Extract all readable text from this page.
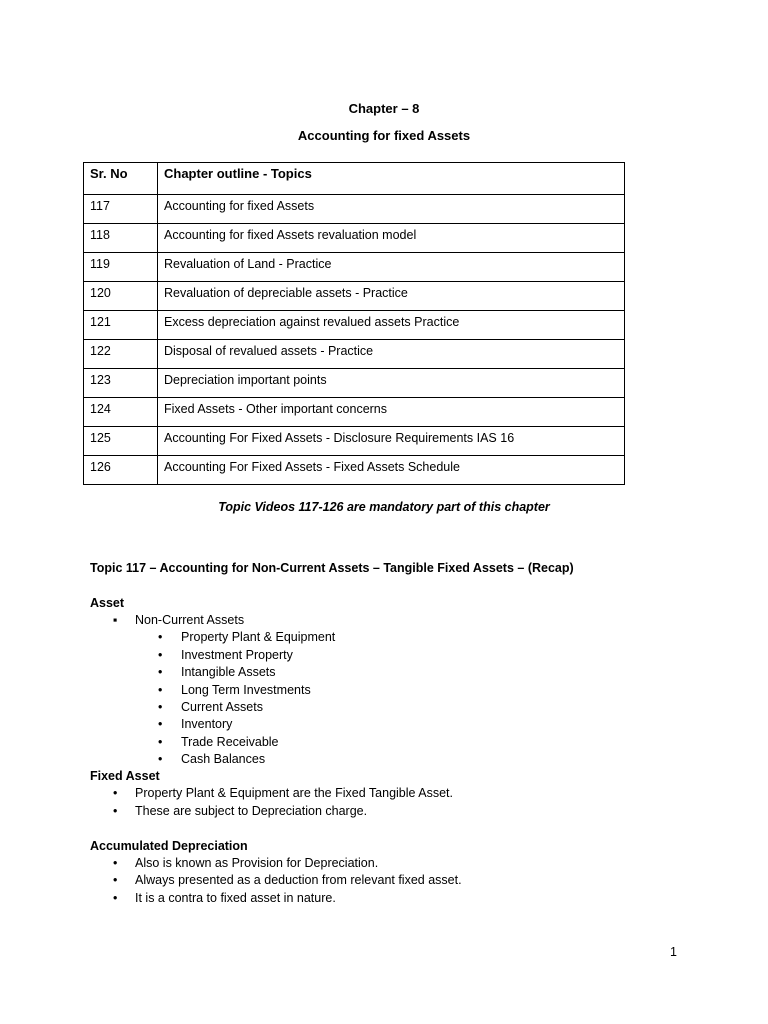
Chapter – 8
Accounting for fixed Assets
Sr. No	Chapter outline - Topics
117	Accounting for fixed Assets
118	Accounting for fixed Assets revaluation model
119	Revaluation of Land - Practice
120	Revaluation of depreciable assets - Practice
121	Excess depreciation against revalued assets Practice
122	Disposal of revalued assets - Practice
123	Depreciation important points
124	Fixed Assets - Other important concerns
125	Accounting For Fixed Assets - Disclosure Requirements IAS 16
126	Accounting For Fixed Assets - Fixed Assets Schedule
Topic Videos 117-126 are mandatory part of this chapter
Topic 117 – Accounting for Non-Current Assets – Tangible Fixed Assets – (Recap)
Asset
▪ Non-Current Assets
• Property Plant & Equipment
• Investment Property
• Intangible Assets
• Long Term Investments
• Current Assets
• Inventory
• Trade Receivable
• Cash Balances
Fixed Asset
• Property Plant & Equipment are the Fixed Tangible Asset.
• These are subject to Depreciation charge.
Accumulated Depreciation
• Also is known as Provision for Depreciation.
• Always presented as a deduction from relevant fixed asset.
• It is a contra to fixed asset in nature.
1
